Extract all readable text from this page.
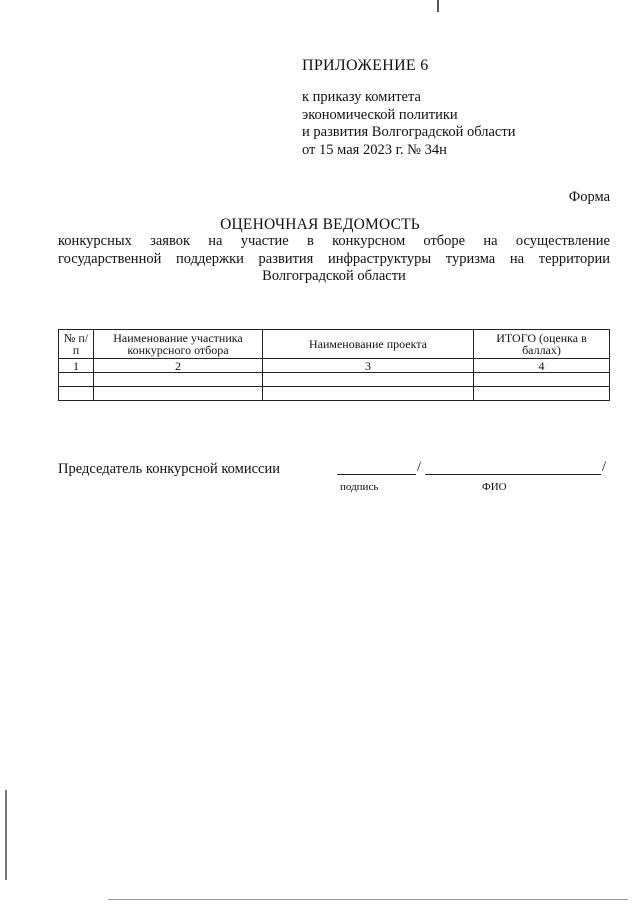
ПРИЛОЖЕНИЕ 6
к приказу комитета
экономической политики
и развития Волгоградской области
от 15 мая 2023 г. № 34н
Форма
ОЦЕНОЧНАЯ ВЕДОМОСТЬ
конкурсных заявок на участие в конкурсном отборе на осуществление
государственной поддержки развития инфраструктуры туризма на территории
Волгоградской области
№ п/п	Наименование участника конкурсного отбора	Наименование проекта	ИТОГО (оценка в баллах)
1	2	3	4

Председатель конкурсной комиссии	/	/
подпись	ФИО
